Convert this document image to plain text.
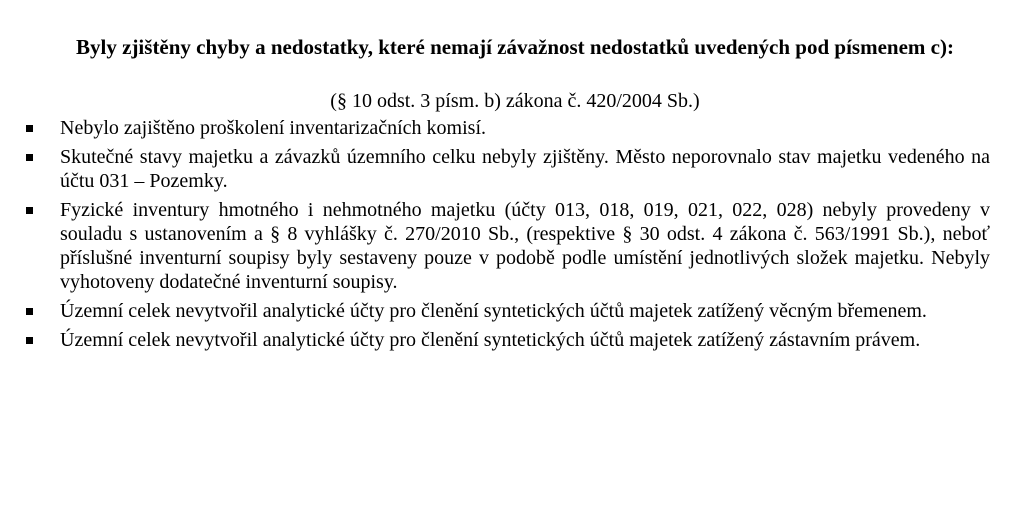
Byly zjištěny chyby a nedostatky, které nemají závažnost nedostatků uvedených pod písmenem c):

(§ 10 odst. 3 písm. b) zákona č. 420/2004 Sb.)

Nebylo zajištěno proškolení inventarizačních komisí.
Skutečné stavy majetku a závazků územního celku nebyly zjištěny. Město neporovnalo stav majetku vedeného na účtu 031 – Pozemky.
Fyzické inventury hmotného i nehmotného majetku (účty 013, 018, 019, 021, 022, 028) nebyly provedeny v souladu s ustanovením a § 8 vyhlášky č. 270/2010 Sb., (respektive § 30 odst. 4 zákona č. 563/1991 Sb.), neboť příslušné inventurní soupisy byly sestaveny pouze v podobě podle umístění jednotlivých složek majetku. Nebyly vyhotoveny dodatečné inventurní soupisy.
Územní celek nevytvořil analytické účty pro členění syntetických účtů majetek zatížený věcným břemenem.
Územní celek nevytvořil analytické účty pro členění syntetických účtů majetek zatížený zástavním právem.
